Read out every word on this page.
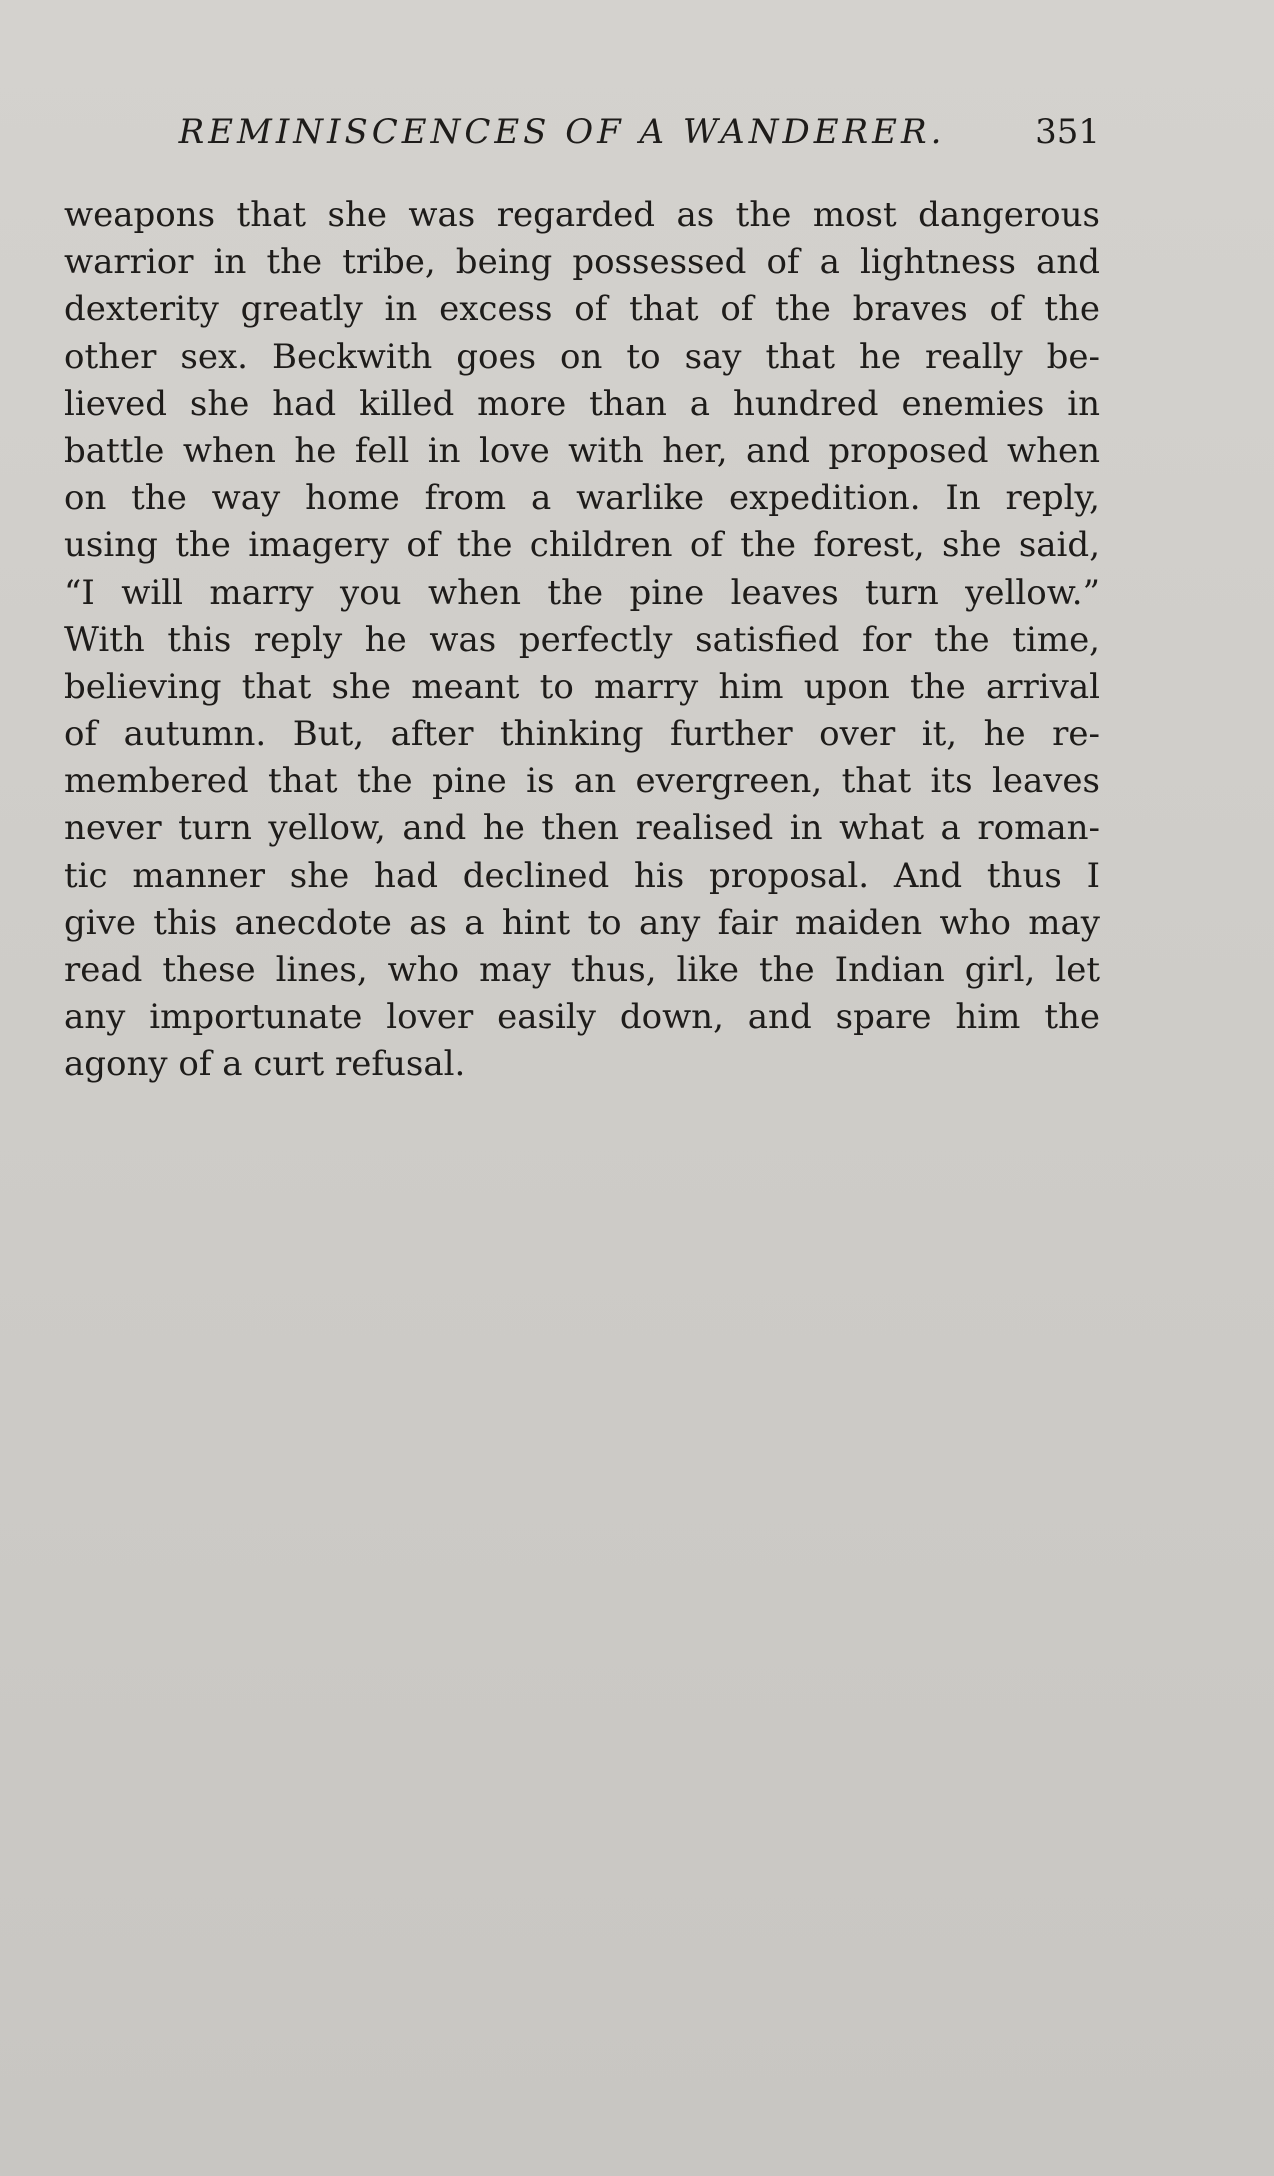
REMINISCENCES OF A WANDERER.	351
weapons that she was regarded as the most dangerous
warrior in the tribe, being possessed of a lightness and
dexterity greatly in excess of that of the braves of the
other sex. Beckwith goes on to say that he really be-
lieved she had killed more than a hundred enemies in
battle when he fell in love with her, and proposed when
on the way home from a warlike expedition. In reply,
using the imagery of the children of the forest, she said,
“I will marry you when the pine leaves turn yellow.”
With this reply he was perfectly satisfied for the time,
believing that she meant to marry him upon the arrival
of autumn. But, after thinking further over it, he re-
membered that the pine is an evergreen, that its leaves
never turn yellow, and he then realised in what a roman-
tic manner she had declined his proposal. And thus I
give this anecdote as a hint to any fair maiden who may
read these lines, who may thus, like the Indian girl, let
any importunate lover easily down, and spare him the
agony of a curt refusal.
